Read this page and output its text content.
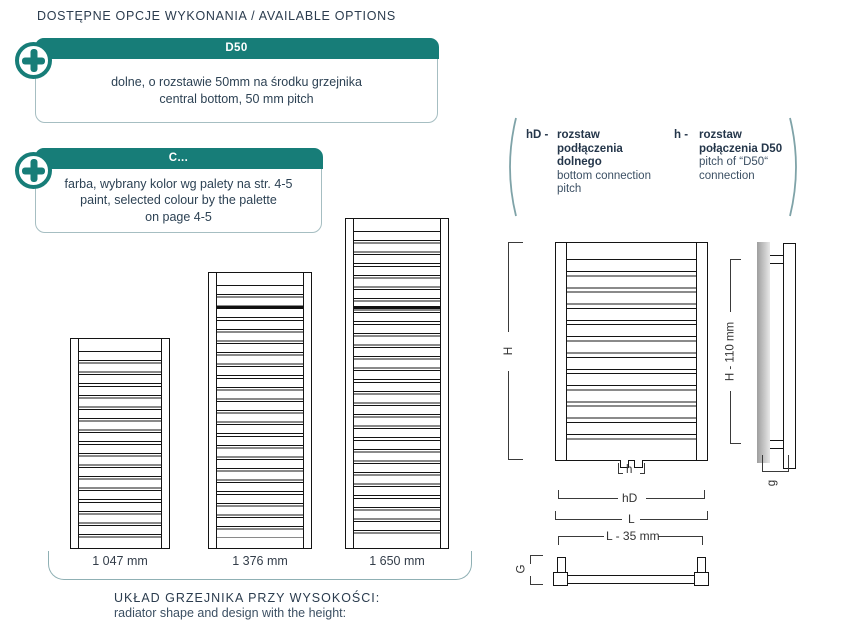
DOSTĘPNE OPCJE WYKONANIA / AVAILABLE OPTIONS
D50
dolne, o rozstawie 50mm na środku grzejnika
central bottom, 50 mm pitch
C...
farba, wybrany kolor wg palety na str. 4-5
paint, selected colour by the palette
on page 4-5
hD - rozstaw
podłączenia
dolnego
bottom connection
pitch
h - rozstaw
połączenia D50
pitch of “D50“
connection
1 047 mm	1 376 mm	1 650 mm
UKŁAD GRZEJNIKA PRZY WYSOKOŚCI:
radiator shape and design with the height:
H
h
hD
L
L - 35 mm
G
H - 110 mm
g
